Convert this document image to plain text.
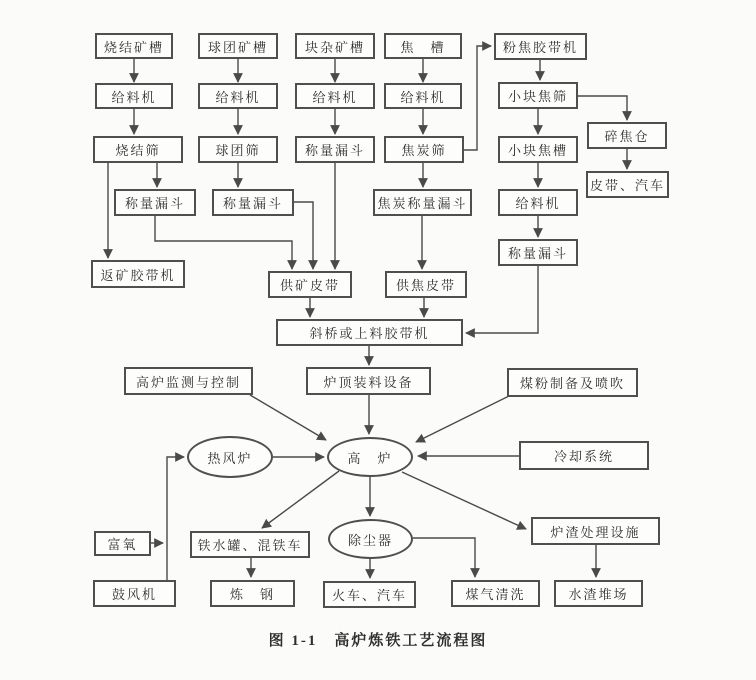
烧结矿槽	球团矿槽	块杂矿槽	焦　槽	粉焦胶带机
给料机	给料机	给料机	给料机	小块焦筛
烧结筛	球团筛	称量漏斗	焦炭筛	小块焦槽
碎焦仓
皮带、汽车
称量漏斗	称量漏斗	焦炭称量漏斗	给料机
称量漏斗
返矿胶带机
供矿皮带	供焦皮带
斜桥或上料胶带机
高炉监测与控制	炉顶装料设备	煤粉制备及喷吹
冷却系统
热风炉	高　炉
富氧
鼓风机
铁水罐、混铁车
炼　钢
除尘器
火车、汽车	煤气清洗
炉渣处理设施
水渣堆场
图 1-1　高炉炼铁工艺流程图
